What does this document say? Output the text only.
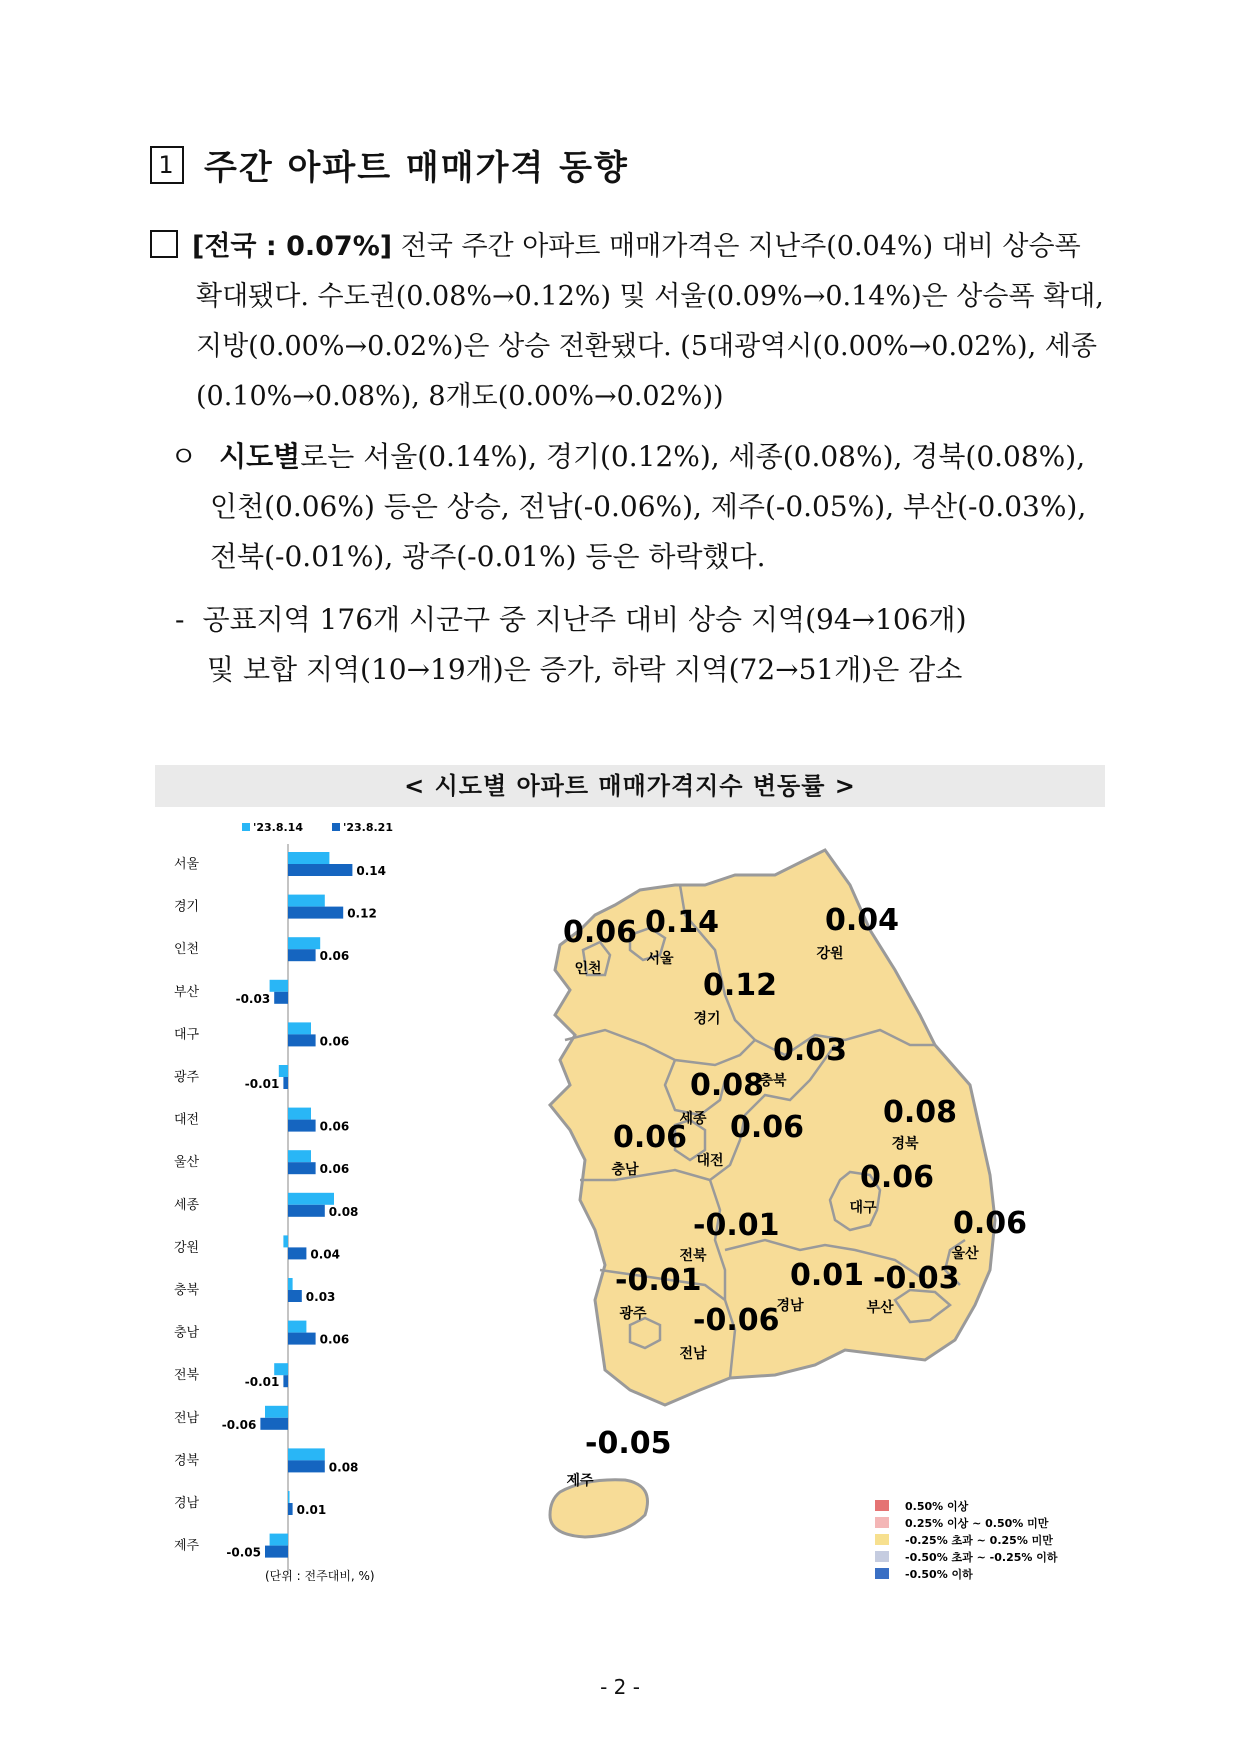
1 주간 아파트 매매가격 동향
[전국 : 0.07%] 전국 주간 아파트 매매가격은 지난주(0.04%) 대비 상승폭
확대됐다. 수도권(0.08%→0.12%) 및 서울(0.09%→0.14%)은 상승폭 확대,
지방(0.00%→0.02%)은 상승 전환됐다. (5대광역시(0.00%→0.02%), 세종
(0.10%→0.08%), 8개도(0.00%→0.02%))
ㅇ 시도별로는 서울(0.14%), 경기(0.12%), 세종(0.08%), 경북(0.08%),
인천(0.06%) 등은 상승, 전남(-0.06%), 제주(-0.05%), 부산(-0.03%),
전북(-0.01%), 광주(-0.01%) 등은 하락했다.
- 공표지역 176개 시군구 중 지난주 대비 상승 지역(94→106개)
및 보합 지역(10→19개)은 증가, 하락 지역(72→51개)은 감소
< 시도별 아파트 매매가격지수 변동률 >
'23.8.14	'23.8.21
서울	0.14
경기	0.12
인천	0.06
부산	-0.03
대구	0.06
광주	-0.01
대전	0.06
울산	0.06
세종	0.08
강원	0.04
충북	0.03
충남	0.06
전북	-0.01
전남 -0.06
경북	0.08
경남	0.01
제주 -0.05
(단위 : 전주대비, %)
0.06
인천
0.14
서울
0.04
강원
0.12
경기
0.03
충북
0.08
세종	0.08
경북
0.06
충남
0.06
대전	0.06
대구
-0.01
전북
0.06
울산
-0.01
광주
0.01
경남
-0.03
부산
-0.06
전남
-0.05
제주
0.50% 이상
0.25% 이상 ~ 0.50% 미만
-0.25% 초과 ~ 0.25% 미만
-0.50% 초과 ~ -0.25% 이하
-0.50% 이하
- 2 -
